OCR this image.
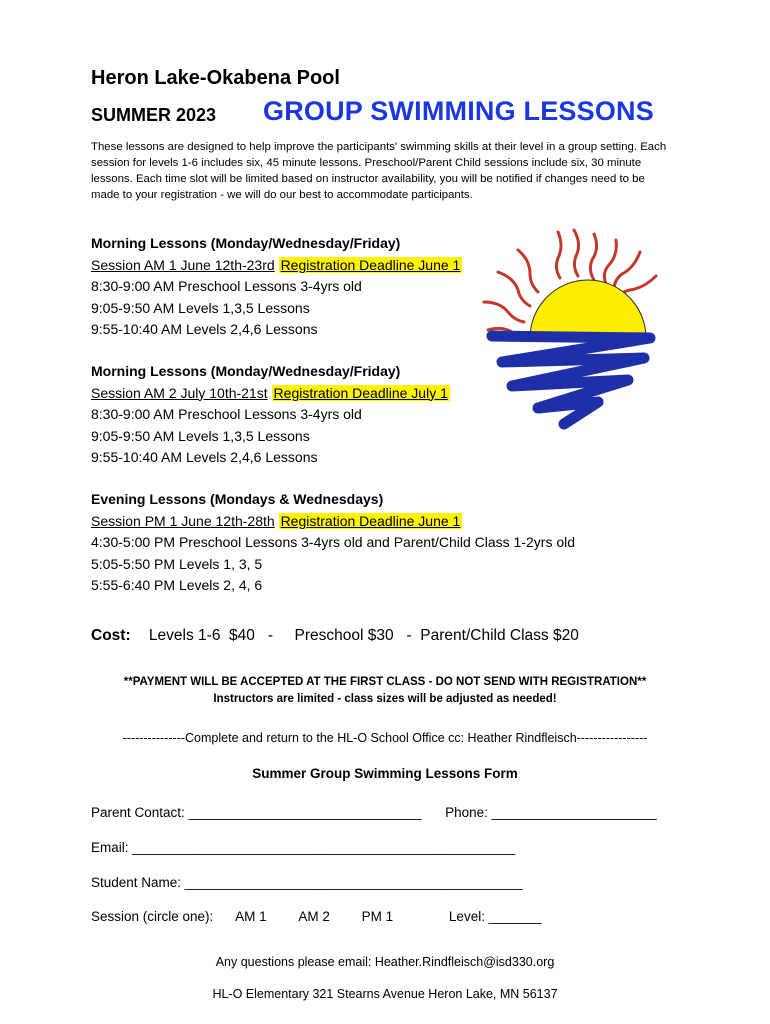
Heron Lake-Okabena Pool
SUMMER 2023 GROUP SWIMMING LESSONS
These lessons are designed to help improve the participants' swimming skills at their level in a group setting. Each session for levels 1-6 includes six, 45 minute lessons. Preschool/Parent Child sessions include six, 30 minute lessons. Each time slot will be limited based on instructor availability, you will be notified if changes need to be made to your registration - we will do our best to accommodate participants.
Morning Lessons (Monday/Wednesday/Friday)
Session AM 1 June 12th-23rd Registration Deadline June 1
8:30-9:00 AM Preschool Lessons 3-4yrs old
9:05-9:50 AM Levels 1,3,5 Lessons
9:55-10:40 AM Levels 2,4,6 Lessons
Morning Lessons (Monday/Wednesday/Friday)
Session AM 2 July 10th-21st Registration Deadline July 1
8:30-9:00 AM Preschool Lessons 3-4yrs old
9:05-9:50 AM Levels 1,3,5 Lessons
9:55-10:40 AM Levels 2,4,6 Lessons
Evening Lessons (Mondays & Wednesdays)
Session PM 1 June 12th-28th Registration Deadline June 1
4:30-5:00 PM Preschool Lessons 3-4yrs old and Parent/Child Class 1-2yrs old
5:05-5:50 PM Levels 1, 3, 5
5:55-6:40 PM Levels 2, 4, 6
Cost: Levels 1-6  $40   -     Preschool $30   -  Parent/Child Class $20
**PAYMENT WILL BE ACCEPTED AT THE FIRST CLASS - DO NOT SEND WITH REGISTRATION**
Instructors are limited - class sizes will be adjusted as needed!
---------------Complete and return to the HL-O School Office cc: Heather Rindfleisch-----------------
Summer Group Swimming Lessons Form
Parent Contact: _______________________________ Phone: ______________________
Email: ___________________________________________________
Student Name: _____________________________________________
Session (circle one): AM 1 AM 2 PM 1	Level: _______
Any questions please email: Heather.Rindfleisch@isd330.org
HL-O Elementary 321 Stearns Avenue Heron Lake, MN 56137
